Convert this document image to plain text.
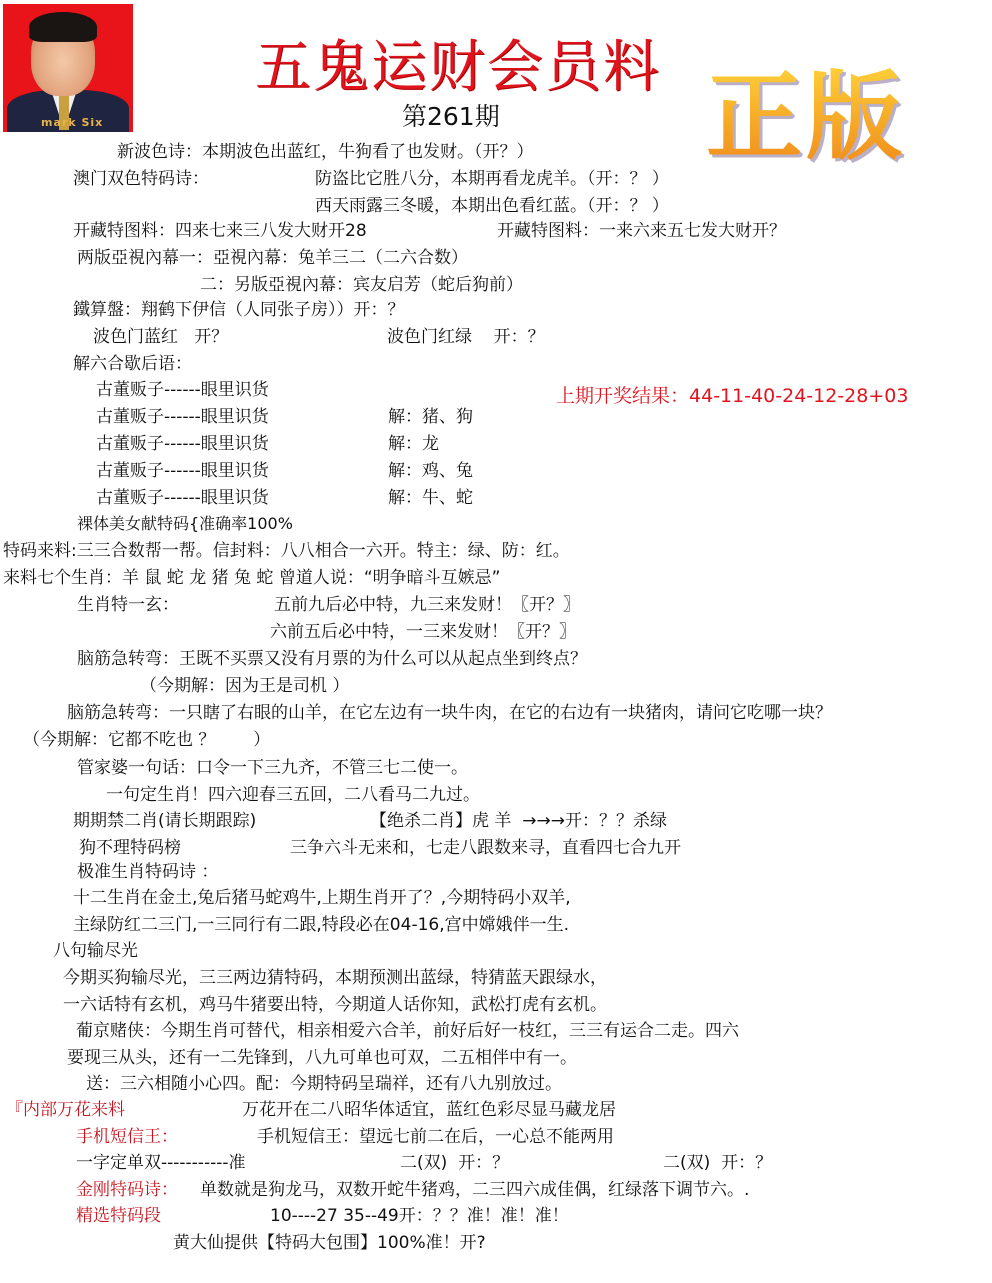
mark Six
五鬼运财会员料
第261期 正版
上期开奖结果：44-11-40-24-12-28+03
新波色诗：本期波色出蓝红，牛狗看了也发财。（开？）
澳门双色特码诗：	防盗比它胜八分，本期再看龙虎羊。（开：？ ）
西天雨露三冬暖，本期出色看红蓝。（开：？ ）
开藏特图料：四来七来三八发大财开28	开藏特图料：一来六来五七发大财开？
两版亞視內幕一：亞視內幕：兔羊三二（二六合数）
二：另版亞視內幕：宾友启芳（蛇后狗前）
鐵算盤：翔鹤下伊信（人同张子房））开：？
波色门蓝红   开？	波色门红绿    开：？
解六合歇后语：
古董贩子------眼里识货
古董贩子------眼里识货	解：猪、狗
古董贩子------眼里识货	解：龙
古董贩子------眼里识货	解：鸡、兔
古董贩子------眼里识货	解：牛、蛇
裸体美女献特码{准确率100%
特码来料:三三合数帮一帮。信封料：八八相合一六开。特主：绿、防：红。
来料七个生肖：羊 鼠 蛇 龙 猪 兔 蛇 曾道人说：“明争暗斗互嫉忌”
生肖特一玄：	五前九后必中特，九三来发财！〖开？〗
六前五后必中特，一三来发财！〖开？〗
脑筋急转弯：王既不买票又没有月票的为什么可以从起点坐到终点？
（今期解：因为王是司机 ）
脑筋急转弯：一只瞎了右眼的山羊，在它左边有一块牛肉，在它的右边有一块猪肉，请问它吃哪一块？
（今期解：它都不吃也 ？       ）
管家婆一句话：口令一下三九齐，不管三七二使一。
一句定生肖！四六迎春三五回，二八看马二九过。
期期禁二肖(请长期跟踪)	【绝杀二肖】虎 羊  →→→开：？？杀绿
狗不理特码榜	三争六斗无来和，七走八跟数来寻，直看四七合九开
极准生肖特码诗 ：
十二生肖在金土,兔后猪马蛇鸡牛,上期生肖开了？,今期特码小双羊,
主绿防红二三门,一三同行有二跟,特段必在04-16,宫中嫦娥伴一生.
八句输尽光
今期买狗输尽光，三三两边猜特码，本期预测出蓝绿，特猜蓝天跟绿水，
一六话特有玄机，鸡马牛猪要出特，今期道人话你知，武松打虎有玄机。
葡京赌侠：今期生肖可替代，相亲相爱六合羊，前好后好一枝红，三三有运合二走。四六
要现三从头，还有一二先锋到，八九可单也可双，二五相伴中有一。
送：三六相随小心四。配：今期特码呈瑞祥，还有八九别放过。
『内部万花来料	万花开在二八昭华体适宜，蓝红色彩尽显马藏龙居
手机短信王：	手机短信王：望远七前二在后，一心总不能两用
一字定单双-----------准	二(双)  开：？	二(双)  开：？
金刚特码诗： 单数就是狗龙马，双数开蛇牛猪鸡，二三四六成佳偶，红绿落下调节六。.
精选特码段	10----27 35--49开：？？准！准！准！
黄大仙提供【特码大包围】100%准！开?
